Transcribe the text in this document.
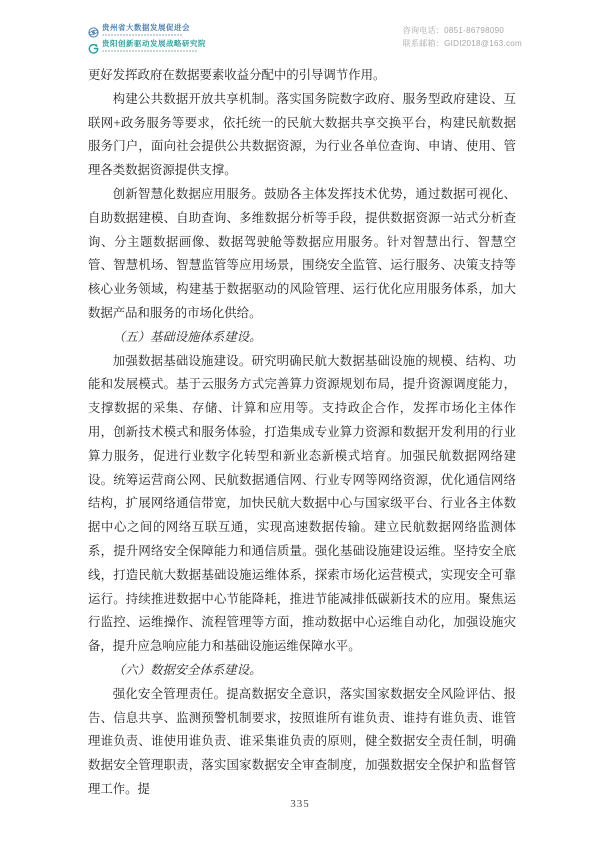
贵州省大数据发展促进会
贵阳创新驱动发展战略研究院
咨询电话：0851-86798090
联系邮箱：GIDI2018@163.com

更好发挥政府在数据要素收益分配中的引导调节作用。

构建公共数据开放共享机制。落实国务院数字政府、服务型政府建设、互联网+政务服务等要求，依托统一的民航大数据共享交换平台，构建民航数据服务门户，面向社会提供公共数据资源，为行业各单位查询、申请、使用、管理各类数据资源提供支撑。

创新智慧化数据应用服务。鼓励各主体发挥技术优势，通过数据可视化、自助数据建模、自助查询、多维数据分析等手段，提供数据资源一站式分析查询、分主题数据画像、数据驾驶舱等数据应用服务。针对智慧出行、智慧空管、智慧机场、智慧监管等应用场景，围绕安全监管、运行服务、决策支持等核心业务领域，构建基于数据驱动的风险管理、运行优化应用服务体系，加大数据产品和服务的市场化供给。

（五）基础设施体系建设。

加强数据基础设施建设。研究明确民航大数据基础设施的规模、结构、功能和发展模式。基于云服务方式完善算力资源规划布局，提升资源调度能力，支撑数据的采集、存储、计算和应用等。支持政企合作，发挥市场化主体作用，创新技术模式和服务体验，打造集成专业算力资源和数据开发利用的行业算力服务，促进行业数字化转型和新业态新模式培育。加强民航数据网络建设。统筹运营商公网、民航数据通信网、行业专网等网络资源，优化通信网络结构，扩展网络通信带宽，加快民航大数据中心与国家级平台、行业各主体数据中心之间的网络互联互通，实现高速数据传输。建立民航数据网络监测体系，提升网络安全保障能力和通信质量。强化基础设施建设运维。坚持安全底线，打造民航大数据基础设施运维体系，探索市场化运营模式，实现安全可靠运行。持续推进数据中心节能降耗，推进节能减排低碳新技术的应用。聚焦运行监控、运维操作、流程管理等方面，推动数据中心运维自动化，加强设施灾备，提升应急响应能力和基础设施运维保障水平。

（六）数据安全体系建设。

强化安全管理责任。提高数据安全意识，落实国家数据安全风险评估、报告、信息共享、监测预警机制要求，按照谁所有谁负责、谁持有谁负责、谁管理谁负责、谁使用谁负责、谁采集谁负责的原则，健全数据安全责任制，明确数据安全管理职责，落实国家数据安全审查制度，加强数据安全保护和监督管理工作。提

335
